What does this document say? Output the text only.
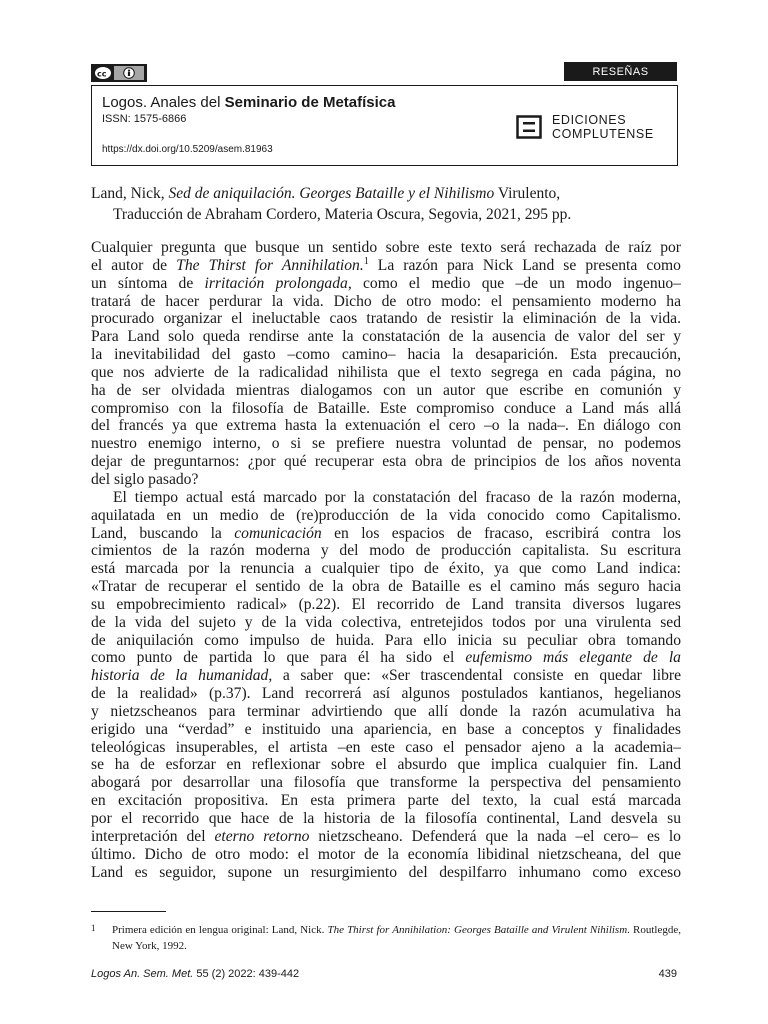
cc	RESEÑAS
Logos. Anales del Seminario de Metafísica
ISSN: 1575-6866
https://dx.doi.org/10.5209/asem.81963
EDICIONES
COMPLUTENSE
Land, Nick, Sed de aniquilación. Georges Bataille y el Nihilismo Virulento,
Traducción de Abraham Cordero, Materia Oscura, Segovia, 2021, 295 pp.
Cualquier pregunta que busque un sentido sobre este texto será rechazada de raíz por
el autor de The Thirst for Annihilation.$^1$ La razón para Nick Land se presenta como
un síntoma de irritación prolongada, como el medio que –de un modo ingenuo–
tratará de hacer perdurar la vida. Dicho de otro modo: el pensamiento moderno ha
procurado organizar el ineluctable caos tratando de resistir la eliminación de la vida.
Para Land solo queda rendirse ante la constatación de la ausencia de valor del ser y
la inevitabilidad del gasto –como camino– hacia la desaparición. Esta precaución,
que nos advierte de la radicalidad nihilista que el texto segrega en cada página, no
ha de ser olvidada mientras dialogamos con un autor que escribe en comunión y
compromiso con la filosofía de Bataille. Este compromiso conduce a Land más allá
del francés ya que extrema hasta la extenuación el cero –o la nada–. En diálogo con
nuestro enemigo interno, o si se prefiere nuestra voluntad de pensar, no podemos
dejar de preguntarnos: ¿por qué recuperar esta obra de principios de los años noventa
del siglo pasado?
El tiempo actual está marcado por la constatación del fracaso de la razón moderna,
aquilatada en un medio de (re)producción de la vida conocido como Capitalismo.
Land, buscando la comunicación en los espacios de fracaso, escribirá contra los
cimientos de la razón moderna y del modo de producción capitalista. Su escritura
está marcada por la renuncia a cualquier tipo de éxito, ya que como Land indica:
«Tratar de recuperar el sentido de la obra de Bataille es el camino más seguro hacia
su empobrecimiento radical» (p.22). El recorrido de Land transita diversos lugares
de la vida del sujeto y de la vida colectiva, entretejidos todos por una virulenta sed
de aniquilación como impulso de huida. Para ello inicia su peculiar obra tomando
como punto de partida lo que para él ha sido el eufemismo más elegante de la
historia de la humanidad, a saber que: «Ser trascendental consiste en quedar libre
de la realidad» (p.37). Land recorrerá así algunos postulados kantianos, hegelianos
y nietzscheanos para terminar advirtiendo que allí donde la razón acumulativa ha
erigido una “verdad” e instituido una apariencia, en base a conceptos y finalidades
teleológicas insuperables, el artista –en este caso el pensador ajeno a la academia–
se ha de esforzar en reflexionar sobre el absurdo que implica cualquier fin. Land
abogará por desarrollar una filosofía que transforme la perspectiva del pensamiento
en excitación propositiva. En esta primera parte del texto, la cual está marcada
por el recorrido que hace de la historia de la filosofía continental, Land desvela su
interpretación del eterno retorno nietzscheano. Defenderá que la nada –el cero– es lo
último. Dicho de otro modo: el motor de la economía libidinal nietzscheana, del que
Land es seguidor, supone un resurgimiento del despilfarro inhumano como exceso
1	Primera edición en lengua original: Land, Nick. The Thirst for Annihilation: Georges Bataille and Virulent Nihilism. Routlegde, New York, 1992.
Logos An. Sem. Met. 55 (2) 2022: 439-442	439
